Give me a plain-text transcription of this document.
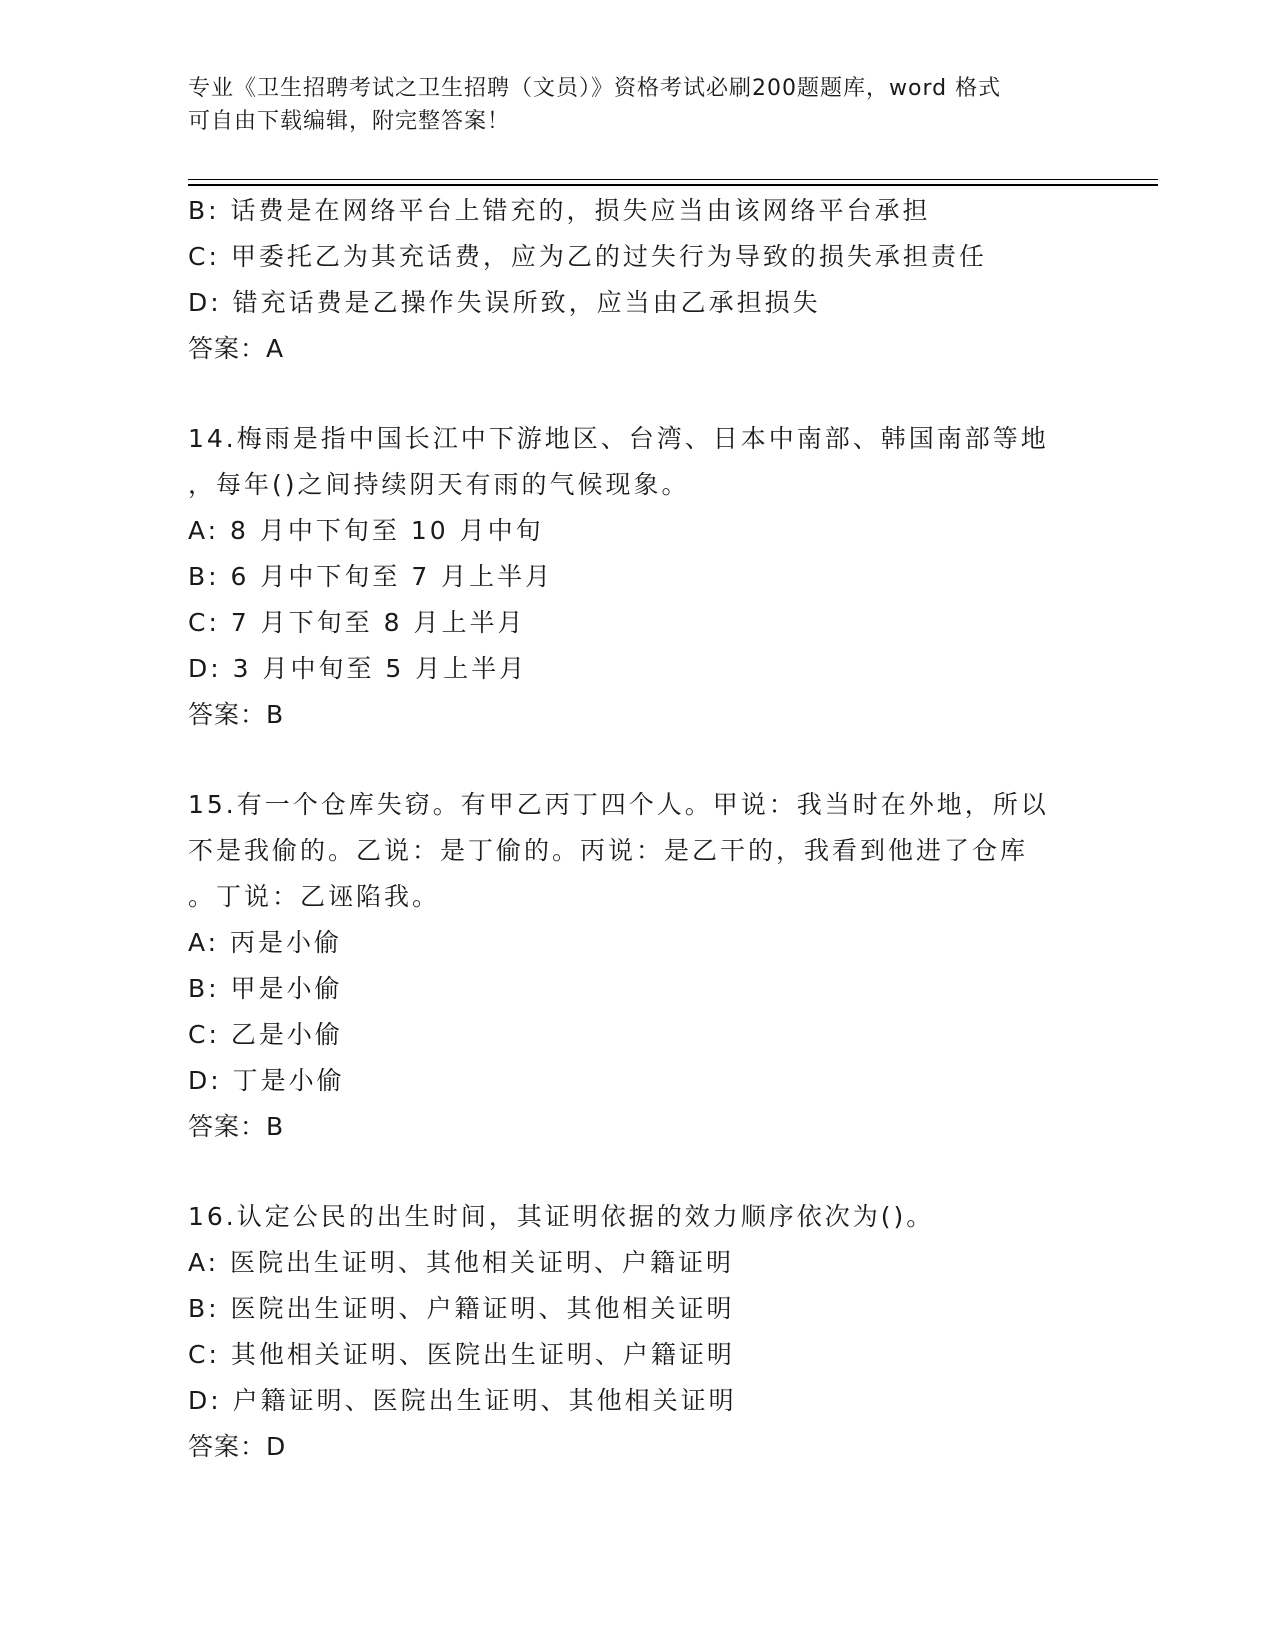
专业《卫生招聘考试之卫生招聘（文员）》资格考试必刷200题题库，word 格式
可自由下载编辑，附完整答案！
B: 话费是在网络平台上错充的，损失应当由该网络平台承担
C: 甲委托乙为其充话费，应为乙的过失行为导致的损失承担责任
D: 错充话费是乙操作失误所致，应当由乙承担损失
答案：A
14.梅雨是指中国长江中下游地区、台湾、日本中南部、韩国南部等地
，每年()之间持续阴天有雨的气候现象。
A: 8 月中下旬至 10 月中旬
B: 6 月中下旬至 7 月上半月
C: 7 月下旬至 8 月上半月
D: 3 月中旬至 5 月上半月
答案：B
15.有一个仓库失窃。有甲乙丙丁四个人。甲说：我当时在外地，所以
不是我偷的。乙说：是丁偷的。丙说：是乙干的，我看到他进了仓库
。丁说：乙诬陷我。
A: 丙是小偷
B: 甲是小偷
C: 乙是小偷
D: 丁是小偷
答案：B
16.认定公民的出生时间，其证明依据的效力顺序依次为()。
A: 医院出生证明、其他相关证明、户籍证明
B: 医院出生证明、户籍证明、其他相关证明
C: 其他相关证明、医院出生证明、户籍证明
D: 户籍证明、医院出生证明、其他相关证明
答案：D
